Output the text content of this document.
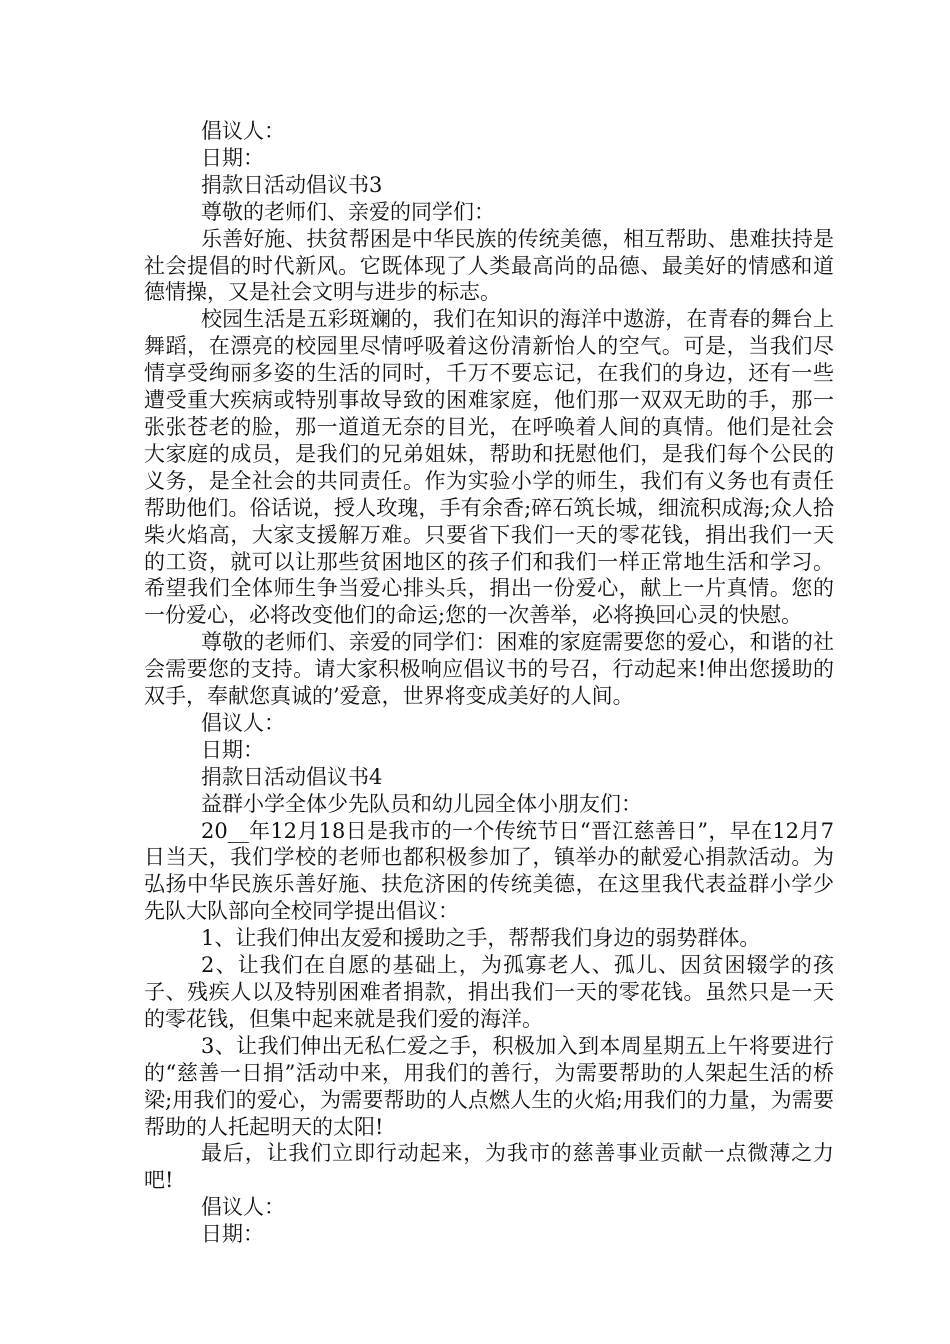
倡议人：

日期：

捐款日活动倡议书3

尊敬的老师们、亲爱的同学们：

乐善好施、扶贫帮困是中华民族的传统美德，相互帮助、患难扶持是社会提倡的时代新风。它既体现了人类最高尚的品德、最美好的情感和道德情操，又是社会文明与进步的标志。

校园生活是五彩斑斓的，我们在知识的海洋中遨游，在青春的舞台上舞蹈，在漂亮的校园里尽情呼吸着这份清新怡人的空气。可是，当我们尽情享受绚丽多姿的生活的同时，千万不要忘记，在我们的身边，还有一些遭受重大疾病或特别事故导致的困难家庭，他们那一双双无助的手，那一张张苍老的脸，那一道道无奈的目光，在呼唤着人间的真情。他们是社会大家庭的成员，是我们的兄弟姐妹，帮助和抚慰他们，是我们每个公民的义务，是全社会的共同责任。作为实验小学的师生，我们有义务也有责任帮助他们。俗话说，授人玫瑰，手有余香;碎石筑长城，细流积成海;众人拾柴火焰高，大家支援解万难。只要省下我们一天的零花钱，捐出我们一天的工资，就可以让那些贫困地区的孩子们和我们一样正常地生活和学习。希望我们全体师生争当爱心排头兵，捐出一份爱心，献上一片真情。您的一份爱心，必将改变他们的命运;您的一次善举，必将换回心灵的快慰。

尊敬的老师们、亲爱的同学们：困难的家庭需要您的爱心，和谐的社会需要您的支持。请大家积极响应倡议书的号召，行动起来!伸出您援助的双手，奉献您真诚的’爱意，世界将变成美好的人间。

倡议人：

日期：

捐款日活动倡议书4

益群小学全体少先队员和幼儿园全体小朋友们：

20__年12月18日是我市的一个传统节日“晋江慈善日”，早在12月7日当天，我们学校的老师也都积极参加了，镇举办的献爱心捐款活动。为弘扬中华民族乐善好施、扶危济困的传统美德，在这里我代表益群小学少先队大队部向全校同学提出倡议：

1、让我们伸出友爱和援助之手，帮帮我们身边的弱势群体。

2、让我们在自愿的基础上，为孤寡老人、孤儿、因贫困辍学的孩子、残疾人以及特别困难者捐款，捐出我们一天的零花钱。虽然只是一天的零花钱，但集中起来就是我们爱的海洋。

3、让我们伸出无私仁爱之手，积极加入到本周星期五上午将要进行的“慈善一日捐”活动中来，用我们的善行，为需要帮助的人架起生活的桥梁;用我们的爱心，为需要帮助的人点燃人生的火焰;用我们的力量，为需要帮助的人托起明天的太阳!

最后，让我们立即行动起来，为我市的慈善事业贡献一点微薄之力吧!

倡议人：

日期：
